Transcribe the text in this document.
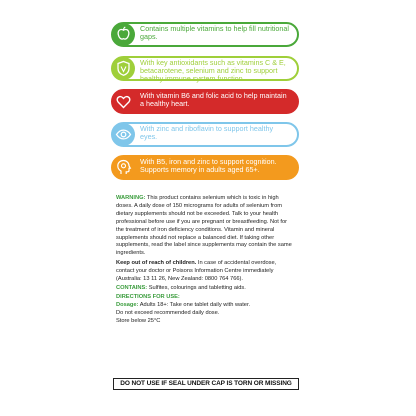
Contains multiple vitamins to help fill nutritional gaps.
With key antioxidants such as vitamins C & E, betacarotene, selenium and zinc to support healthy immune system function.
With vitamin B6 and folic acid to help maintain a healthy heart.
With zinc and riboflavin to support healthy eyes.
With B5, iron and zinc to support cognition. Supports memory in adults aged 65+.

WARNING: This product contains selenium which is toxic in high doses. A daily dose of 150 micrograms for adults of selenium from dietary supplements should not be exceeded. Talk to your health professional before use if you are pregnant or breastfeeding. Not for the treatment of iron deficiency conditions. Vitamin and mineral supplements should not replace a balanced diet. If taking other supplements, read the label since supplements may contain the same ingredients.

Keep out of reach of children. In case of accidental overdose, contact your doctor or Poisons Information Centre immediately (Australia: 13 11 26, New Zealand: 0800 764 766).

CONTAINS: Sulfites, colourings and tabletting aids.

DIRECTIONS FOR USE:
Dosage: Adults 18+: Take one tablet daily with water.
Do not exceed recommended daily dose.
Store below 25°C
DO NOT USE IF SEAL UNDER CAP IS TORN OR MISSING
